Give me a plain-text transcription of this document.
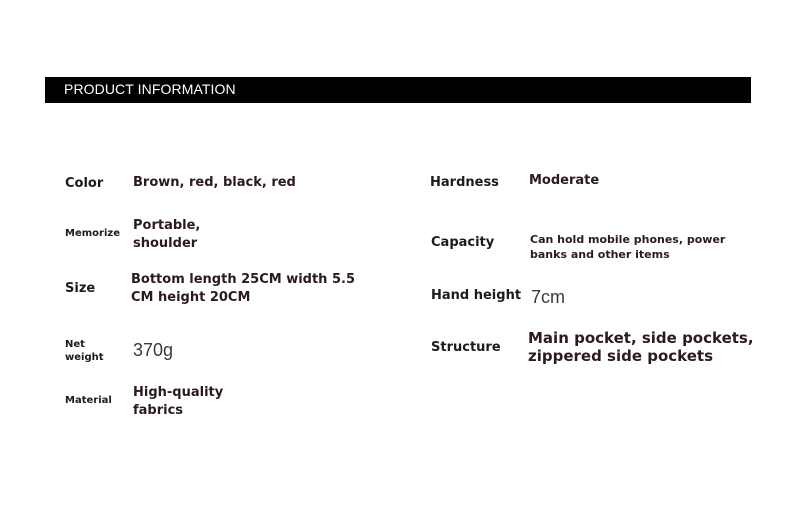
PRODUCT INFORMATION
Color Brown, red, black, red
Memorize
Portable,
shoulder
Size
Bottom length 25CM width 5.5
CM height 20CM
Net
weight 370g
Material
High-quality
fabrics
Hardness Moderate
Capacity	Can hold mobile phones, power
banks and other items
Hand height 7cm
Structure
Main pocket, side pockets,
zippered side pockets
